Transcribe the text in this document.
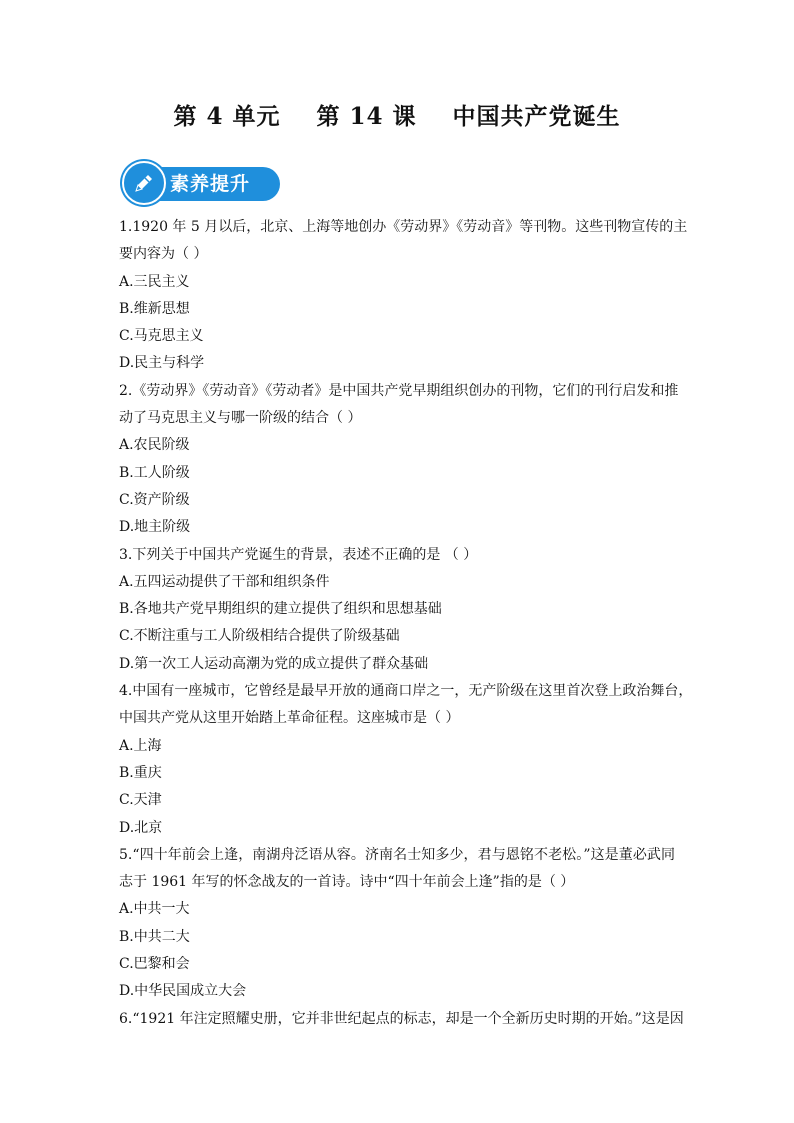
第 4 单元    第 14 课    中国共产党诞生
素养提升
1.1920 年 5 月以后，北京、上海等地创办《劳动界》《劳动音》等刊物。这些刊物宣传的主
要内容为（ ）
A.三民主义
B.维新思想
C.马克思主义
D.民主与科学
2.《劳动界》《劳动音》《劳动者》是中国共产党早期组织创办的刊物，它们的刊行启发和推
动了马克思主义与哪一阶级的结合（ ）
A.农民阶级
B.工人阶级
C.资产阶级
D.地主阶级
3.下列关于中国共产党诞生的背景，表述不正确的是 （ ）
A.五四运动提供了干部和组织条件
B.各地共产党早期组织的建立提供了组织和思想基础
C.不断注重与工人阶级相结合提供了阶级基础
D.第一次工人运动高潮为党的成立提供了群众基础
4.中国有一座城市，它曾经是最早开放的通商口岸之一，无产阶级在这里首次登上政治舞台，
中国共产党从这里开始踏上革命征程。这座城市是（ ）
A.上海
B.重庆
C.天津
D.北京
5.“四十年前会上逢，南湖舟泛语从容。济南名士知多少，君与恩铭不老松。”这是董必武同
志于 1961 年写的怀念战友的一首诗。诗中“四十年前会上逢”指的是（ ）
A.中共一大
B.中共二大
C.巴黎和会
D.中华民国成立大会
6.“1921 年注定照耀史册，它并非世纪起点的标志，却是一个全新历史时期的开始。”这是因
